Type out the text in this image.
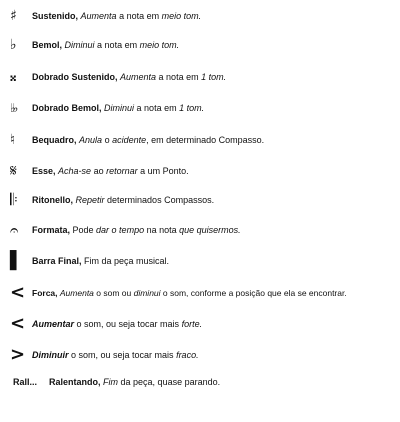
♯	Sustenido, Aumenta a nota em meio tom.
♭	Bemol, Diminui a nota em meio tom.
𝄪	Dobrado Sustenido, Aumenta a nota em 1 tom.
♭♭	Dobrado Bemol, Diminui a nota em 1 tom.
♮	Bequadro, Anula o acidente, em determinado Compasso.
𝄋	Esse, Acha-se ao retornar a um Ponto.
𝄆	Ritonello, Repetir determinados Compassos.
𝄐	Formata, Pode dar o tempo na nota que quisermos.
▌ Barra Final, Fim da peça musical.
< Forca, Aumenta o som ou diminui o som, conforme a posição que ela se encontrar.
< Aumentar o som, ou seja tocar mais forte.
> Diminuir o som, ou seja tocar mais fraco.
Rall...	Ralentando, Fim da peça, quase parando.
